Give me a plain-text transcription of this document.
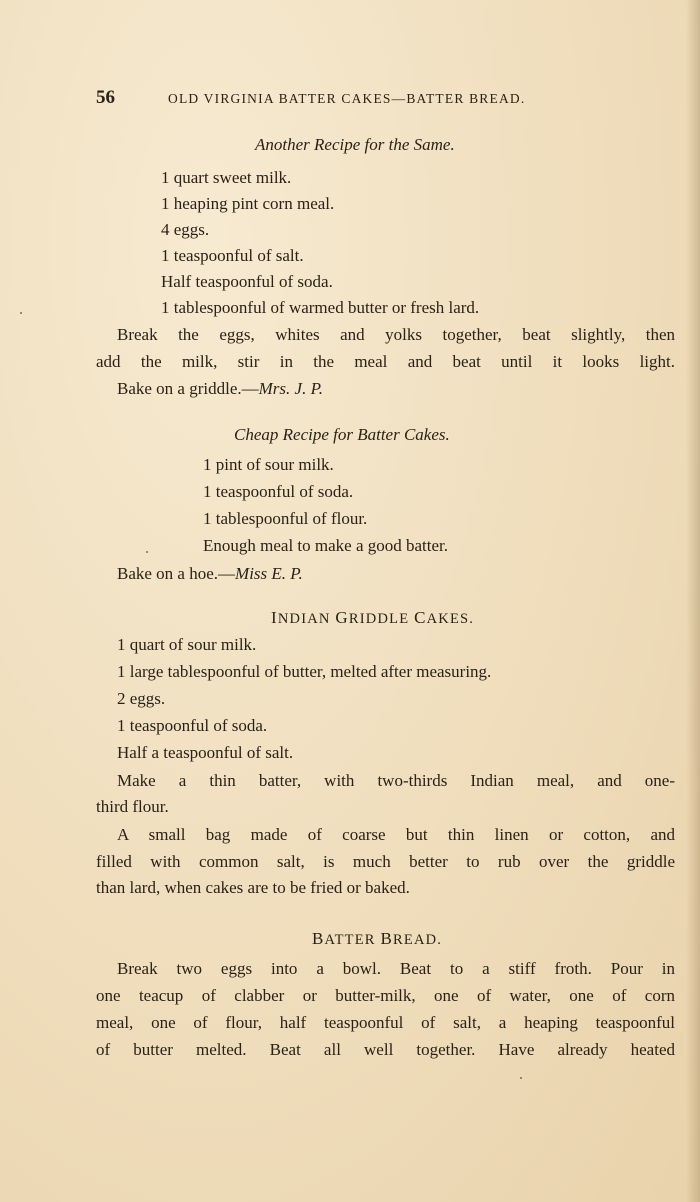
56	OLD VIRGINIA BATTER CAKES—BATTER BREAD.
Another Recipe for the Same.
1 quart sweet milk.
1 heaping pint corn meal.
4 eggs.
1 teaspoonful of salt.
Half teaspoonful of soda.
1 tablespoonful of warmed butter or fresh lard.
Break the eggs, whites and yolks together, beat slightly, then
add the milk, stir in the meal and beat until it looks light.
Bake on a griddle.—Mrs. J. P.
Cheap Recipe for Batter Cakes.
1 pint of sour milk.
1 teaspoonful of soda.
1 tablespoonful of flour.
Enough meal to make a good batter.
Bake on a hoe.—Miss E. P.
INDIAN GRIDDLE CAKES.
1 quart of sour milk.
1 large tablespoonful of butter, melted after measuring.
2 eggs.
1 teaspoonful of soda.
Half a teaspoonful of salt.
Make a thin batter, with two-thirds Indian meal, and one-
third flour.
A small bag made of coarse but thin linen or cotton, and
filled with common salt, is much better to rub over the griddle
than lard, when cakes are to be fried or baked.
BATTER BREAD.
Break two eggs into a bowl. Beat to a stiff froth. Pour in
one teacup of clabber or butter-milk, one of water, one of corn
meal, one of flour, half teaspoonful of salt, a heaping teaspoonful
of butter melted. Beat all well together. Have already heated
